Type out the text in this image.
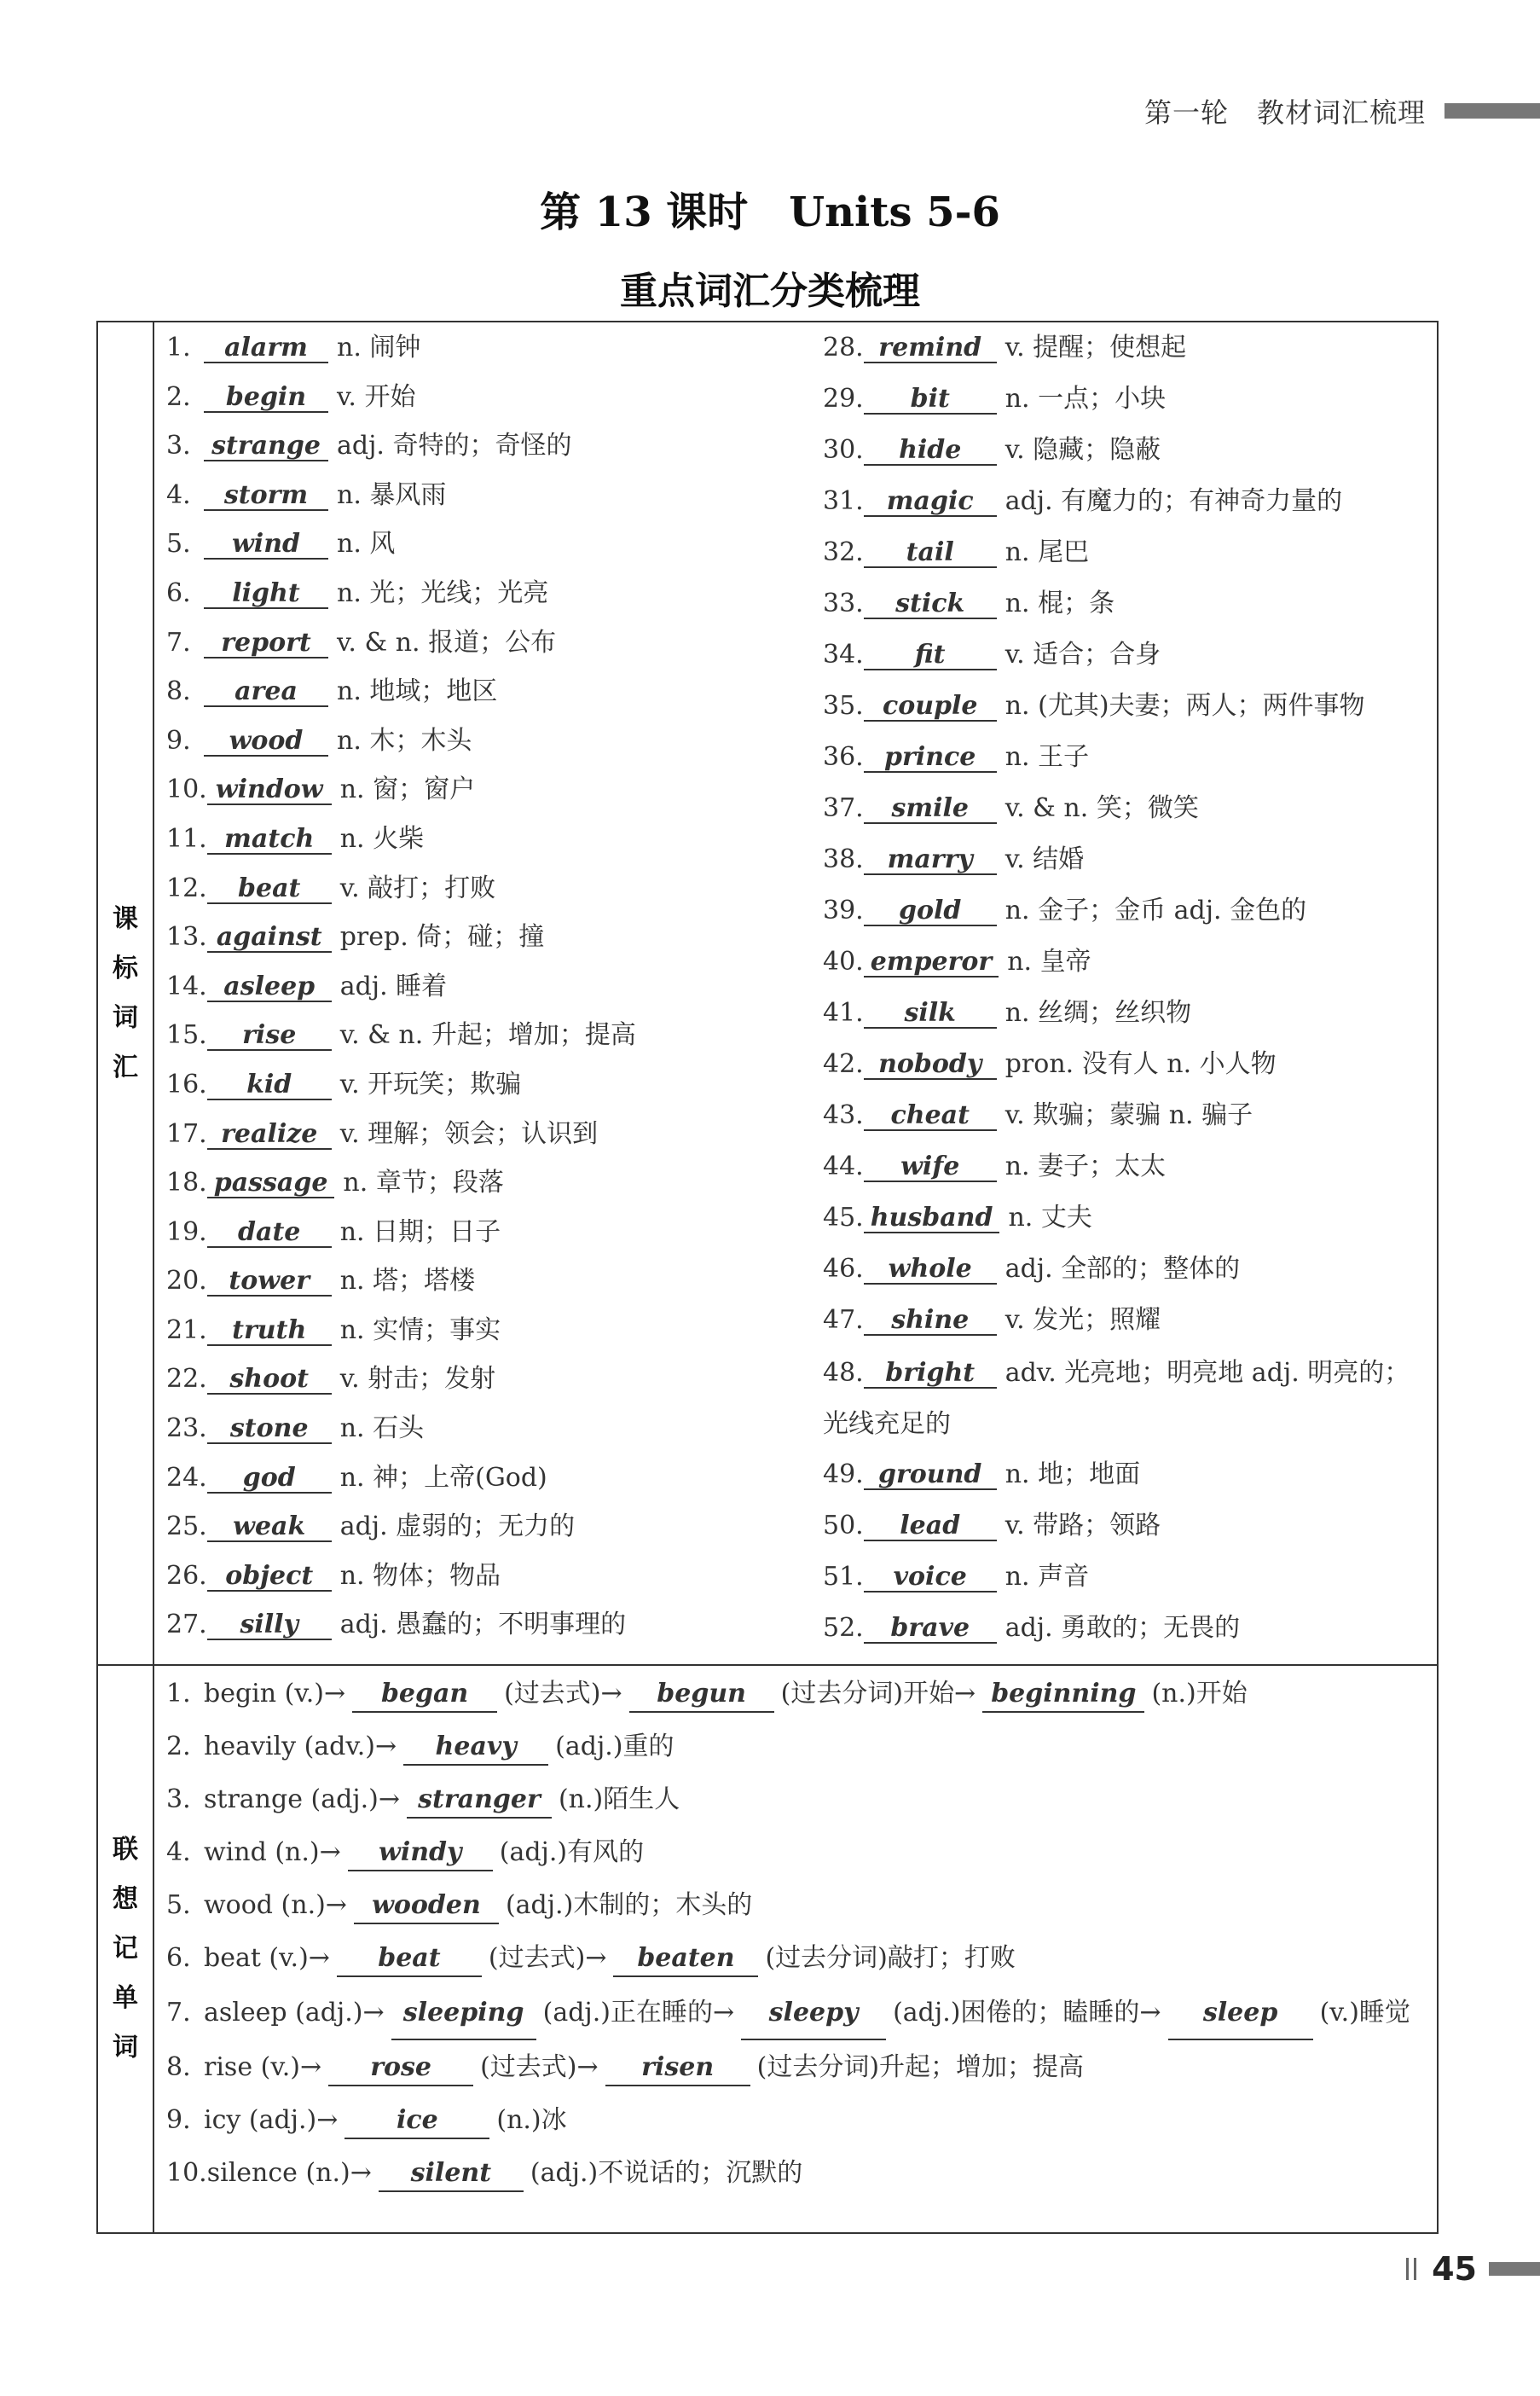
第一轮　教材词汇梳理
第 13 课时　Units 5-6
重点词汇分类梳理
课
标
词
汇
联
想
记
单
词
1. alarm n. 闹钟
2. begin v. 开始
3. strange adj. 奇特的；奇怪的
4. storm n. 暴风雨
5. wind n. 风
6. light n. 光；光线；光亮
7. report v. & n. 报道；公布
8. area n. 地域；地区
9. wood n. 木；木头
10. window n. 窗；窗户
11. match n. 火柴
12. beat v. 敲打；打败
13. against prep. 倚；碰；撞
14. asleep adj. 睡着
15. rise v. & n. 升起；增加；提高
16. kid v. 开玩笑；欺骗
17. realize v. 理解；领会；认识到
18. passage n. 章节；段落
19. date n. 日期；日子
20. tower n. 塔；塔楼
21. truth n. 实情；事实
22. shoot v. 射击；发射
23. stone n. 石头
24. god n. 神；上帝(God)
25. weak adj. 虚弱的；无力的
26. object n. 物体；物品
27. silly adj. 愚蠢的；不明事理的
28. remind v. 提醒；使想起
29. bit n. 一点；小块
30. hide v. 隐藏；隐蔽
31. magic adj. 有魔力的；有神奇力量的
32. tail n. 尾巴
33. stick n. 棍；条
34. fit v. 适合；合身
35. couple n. (尤其)夫妻；两人；两件事物
36. prince n. 王子
37. smile v. & n. 笑；微笑
38. marry v. 结婚
39. gold n. 金子；金币 adj. 金色的
40. emperor n. 皇帝
41. silk n. 丝绸；丝织物
42. nobody pron. 没有人 n. 小人物
43. cheat v. 欺骗；蒙骗 n. 骗子
44. wife n. 妻子；太太
45. husband n. 丈夫
46. whole adj. 全部的；整体的
47. shine v. 发光；照耀
48. bright adv. 光亮地；明亮地 adj. 明亮的；光线充足的
49. ground n. 地；地面
50. lead v. 带路；领路
51. voice n. 声音
52. brave adj. 勇敢的；无畏的
1. begin (v.)→ began (过去式)→ begun (过去分词)开始→ beginning (n.)开始
2. heavily (adv.)→ heavy (adj.)重的
3. strange (adj.)→ stranger (n.)陌生人
4. wind (n.)→ windy (adj.)有风的
5. wood (n.)→ wooden (adj.)木制的；木头的
6. beat (v.)→ beat (过去式)→ beaten (过去分词)敲打；打败
7. asleep (adj.)→ sleeping (adj.)正在睡的→ sleepy (adj.)困倦的；瞌睡的→ sleep (v.)睡觉
8. rise (v.)→ rose (过去式)→ risen (过去分词)升起；增加；提高
9. icy (adj.)→ ice (n.)冰
10.silence (n.)→ silent (adj.)不说话的；沉默的
45
